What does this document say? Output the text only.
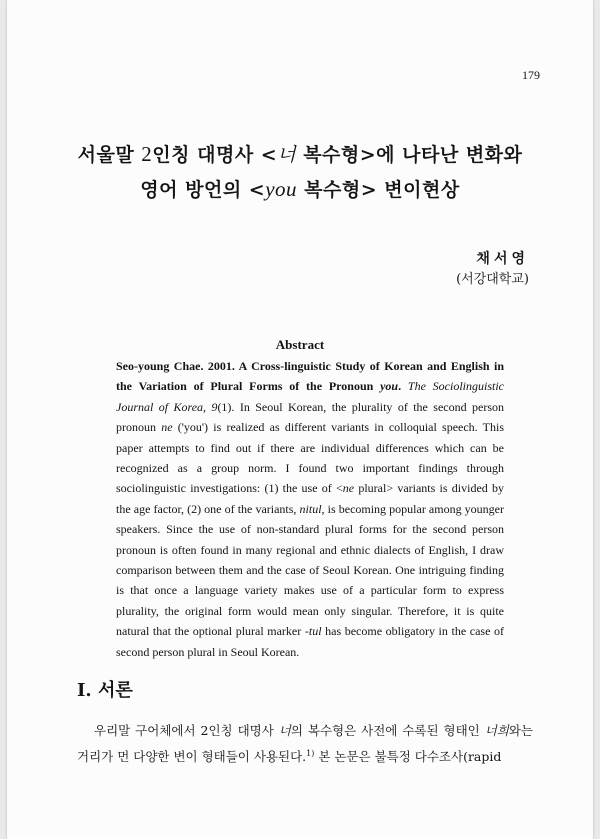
179
서울말 2인칭 대명사 <너 복수형>에 나타난 변화와
영어 방언의 <you 복수형> 변이현상
채서영
(서강대학교)
Abstract

Seo-young Chae. 2001. A Cross-linguistic Study of Korean and English in the Variation of Plural Forms of the Pronoun you. The Sociolinguistic Journal of Korea, 9(1). In Seoul Korean, the plurality of the second person pronoun ne ('you') is realized as different variants in colloquial speech. This paper attempts to find out if there are individual differences which can be recognized as a group norm. I found two important findings through sociolinguistic investigations: (1) the use of <ne plural> variants is divided by the age factor, (2) one of the variants, nitul, is becoming popular among younger speakers. Since the use of non-standard plural forms for the second person pronoun is often found in many regional and ethnic dialects of English, I draw comparison between them and the case of Seoul Korean. One intriguing finding is that once a language variety makes use of a particular form to express plurality, the original form would mean only singular. Therefore, it is quite natural that the optional plural marker -tul has become obligatory in the case of second person plural in Seoul Korean.

I. 서론

우리말 구어체에서 2인칭 대명사 너의 복수형은 사전에 수록된 형태인 너희와는 거리가 먼 다양한 변이 형태들이 사용된다.$^{1)}$ 본 논문은 불특정 다수조사(rapid
